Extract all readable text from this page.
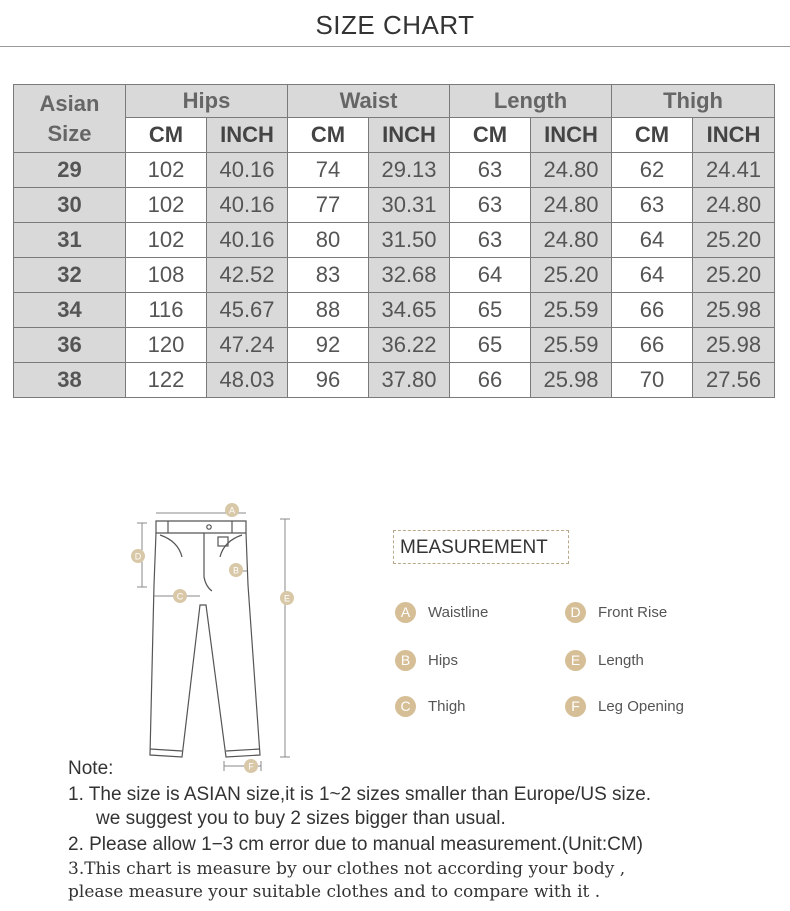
SIZE CHART
Asian
Size	Hips		Waist		Length		Thigh	
	CM	INCH	CM	INCH	CM	INCH	CM	INCH
29	102	40.16	74	29.13	63	24.80	62	24.41
30	102	40.16	77	30.31	63	24.80	63	24.80
31	102	40.16	80	31.50	63	24.80	64	25.20
32	108	42.52	83	32.68	64	25.20	64	25.20
34	116	45.67	88	34.65	65	25.59	66	25.98
36	120	47.24	92	36.22	65	25.59	66	25.98
38	122	48.03	96	37.80	66	25.98	70	27.56
A
B
C
D
E
F
MEASUREMENT
A	Waistline	D	Front Rise
B	Hips	E	Length
C	Thigh	F	Leg Opening
Note:
1. The size is ASIAN size,it is 1~2 sizes smaller than Europe/US size.
we suggest you to buy 2 sizes bigger than usual.
2. Please allow 1−3 cm error due to manual measurement.(Unit:CM)
3.This chart is measure by our clothes not according your body ,
please measure your suitable clothes and to compare with it .
